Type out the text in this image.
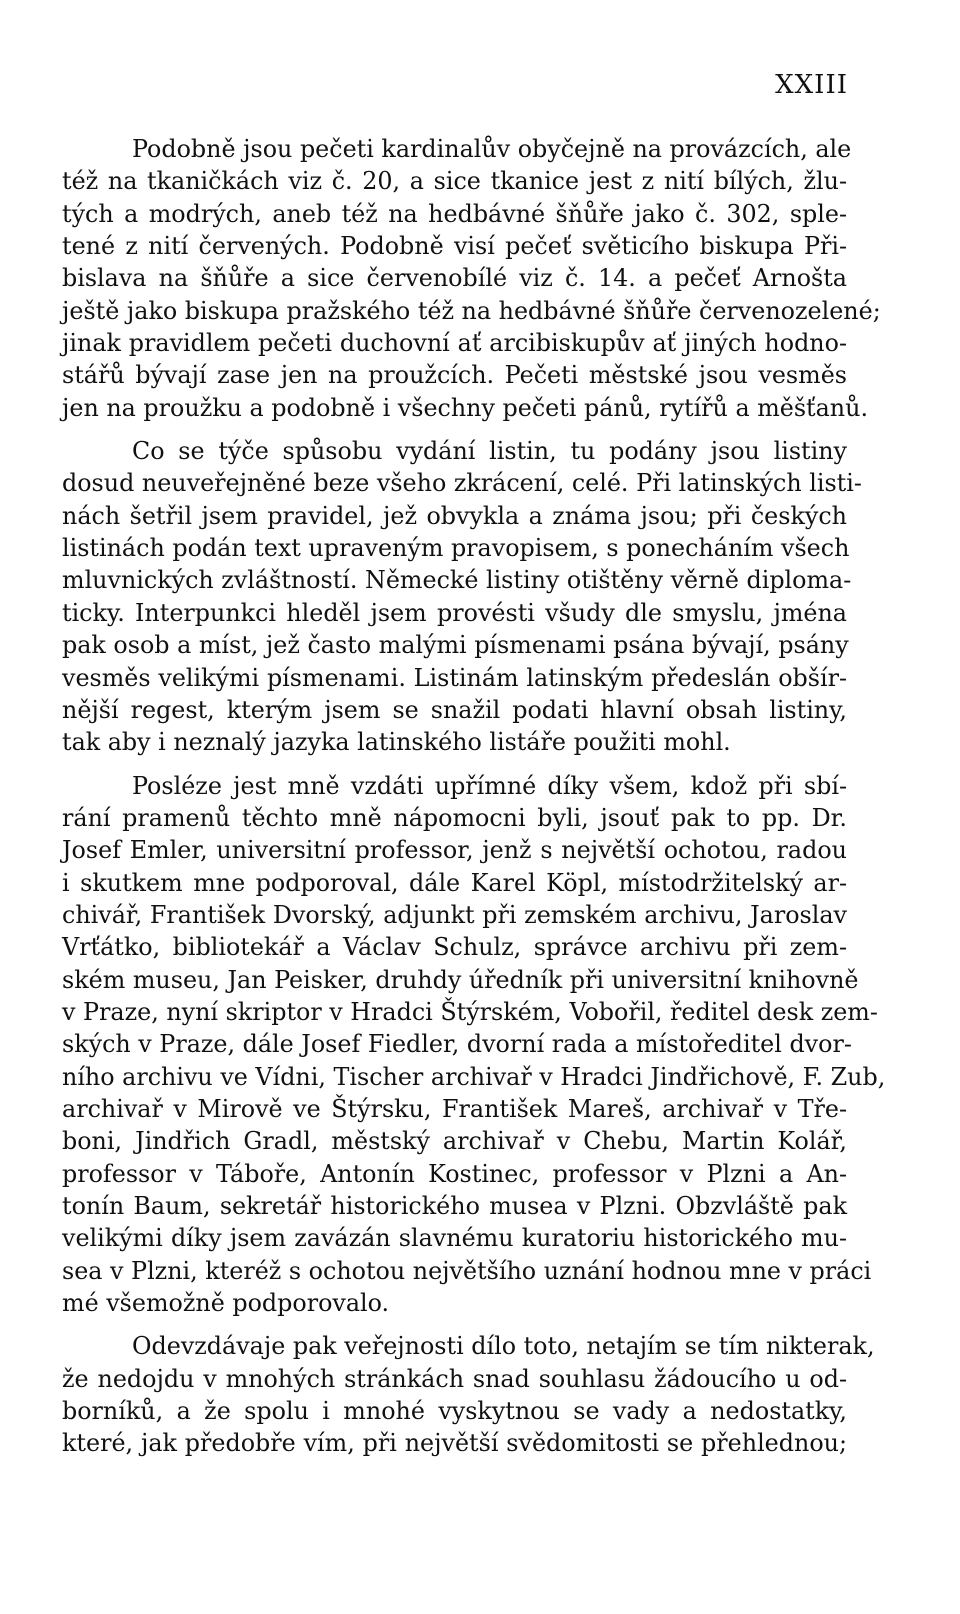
XXIII

Podobně jsou pečeti kardinalův obyčejně na provázcích, ale
též na tkaničkách viz č. 20, a sice tkanice jest z nití bílých, žlu-
tých a modrých, aneb též na hedbávné šňůře jako č. 302, sple-
tené z nití červených. Podobně visí pečeť světicího biskupa Při-
bislava na šňůře a sice červenobílé viz č. 14. a pečeť Arnošta
ještě jako biskupa pražského též na hedbávné šňůře červenozelené;
jinak pravidlem pečeti duchovní ať arcibiskupův ať jiných hodno-
stářů bývají zase jen na proužcích. Pečeti městské jsou vesměs
jen na proužku a podobně i všechny pečeti pánů, rytířů a měšťanů.

Co se týče spůsobu vydání listin, tu podány jsou listiny
dosud neuveřejněné beze všeho zkrácení, celé. Při latinských listi-
nách šetřil jsem pravidel, jež obvykla a známa jsou; při českých
listinách podán text upraveným pravopisem, s ponecháním všech
mluvnických zvláštností. Německé listiny otištěny věrně diploma-
ticky. Interpunkci hleděl jsem provésti všudy dle smyslu, jména
pak osob a míst, jež často malými písmenami psána bývají, psány
vesměs velikými písmenami. Listinám latinským předeslán obšír-
nější regest, kterým jsem se snažil podati hlavní obsah listiny,
tak aby i neznalý jazyka latinského listáře použiti mohl.

Posléze jest mně vzdáti upřímné díky všem, kdož při sbí-
rání pramenů těchto mně nápomocni byli, jsouť pak to pp. Dr.
Josef Emler, universitní professor, jenž s největší ochotou, radou
i skutkem mne podporoval, dále Karel Köpl, místodržitelský ar-
chivář, František Dvorský, adjunkt při zemském archivu, Jaroslav
Vrťátko, bibliotekář a Václav Schulz, správce archivu při zem-
ském museu, Jan Peisker, druhdy úředník při universitní knihovně
v Praze, nyní skriptor v Hradci Štýrském, Vobořil, ředitel desk zem-
ských v Praze, dále Josef Fiedler, dvorní rada a místoředitel dvor-
ního archivu ve Vídni, Tischer archivař v Hradci Jindřichově, F. Zub,
archivař v Mirově ve Štýrsku, František Mareš, archivař v Tře-
boni, Jindřich Gradl, městský archivař v Chebu, Martin Kolář,
professor v Táboře, Antonín Kostinec, professor v Plzni a An-
tonín Baum, sekretář historického musea v Plzni. Obzvláště pak
velikými díky jsem zavázán slavnému kuratoriu historického mu-
sea v Plzni, kteréž s ochotou největšího uznání hodnou mne v práci
mé všemožně podporovalo.

Odevzdávaje pak veřejnosti dílo toto, netajím se tím nikterak,
že nedojdu v mnohých stránkách snad souhlasu žádoucího u od-
borníků, a že spolu i mnohé vyskytnou se vady a nedostatky,
které, jak předobře vím, při největší svědomitosti se přehlednou;
